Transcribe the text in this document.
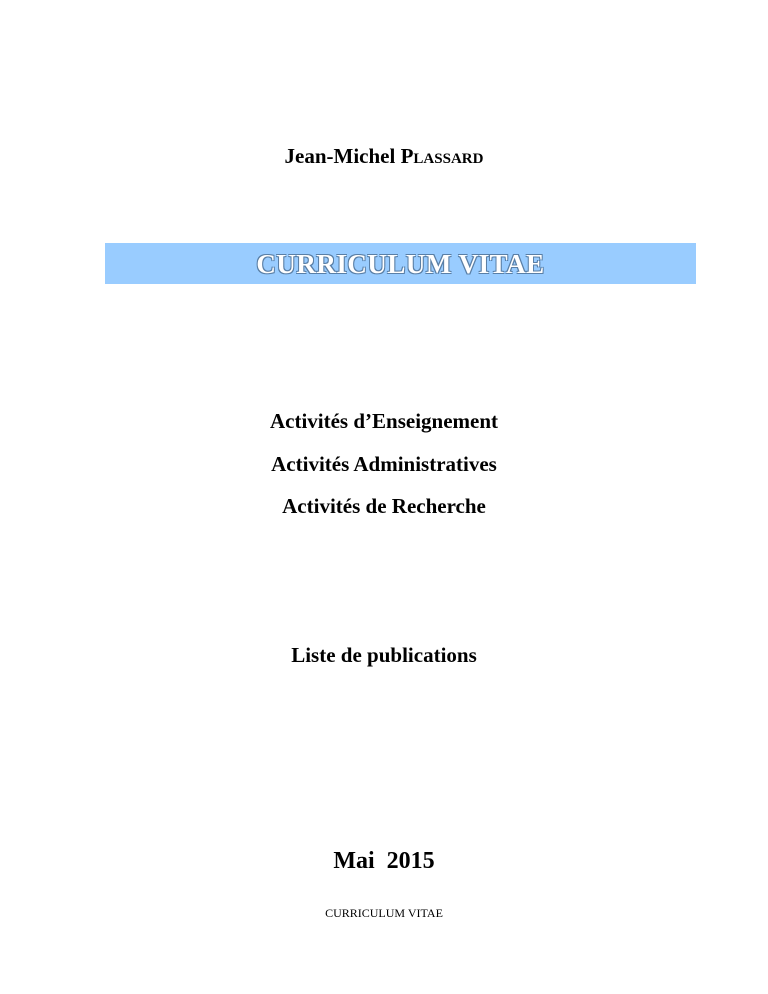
Jean-Michel Plassard
CURRICULUM VITAE
Activités d’Enseignement
Activités Administratives
Activités de Recherche
Liste de publications
Mai  2015
CURRICULUM VITAE
